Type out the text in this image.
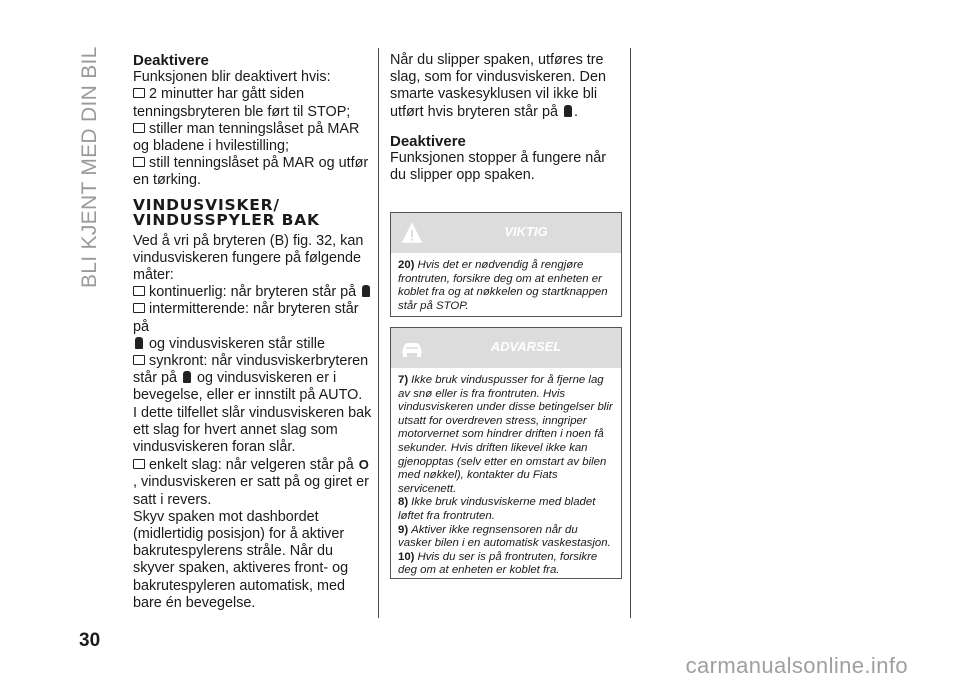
BLI KJENT MED DIN BIL Deaktivere

Funksjonen blir deaktivert hvis:

2 minutter har gått siden tenningsbryteren ble ført til STOP;

stiller man tenningslåset på MAR og bladene i hvilestilling;

still tenningslåset på MAR og utfør en tørking.

VINDUSVISKER/
VINDUSSPYLER BAK

Ved å vri på bryteren (B) fig. 32, kan vindusviskeren fungere på følgende måter:

kontinuerlig: når bryteren står på

intermitterende: når bryteren står på
og vindusviskeren står stille

synkront: når vindusviskerbryteren står på og vindusviskeren er i bevegelse, eller er innstilt på AUTO.

I dette tilfellet slår vindusviskeren bak ett slag for hvert annet slag som vindusviskeren foran slår.

enkelt slag: når velgeren står på O, vindusviskeren er satt på og giret er satt i revers.

Skyv spaken mot dashbordet (midlertidig posisjon) for å aktiver bakrutespylerens stråle. Når du skyver spaken, aktiveres front- og bakrutespyleren automatisk, med bare én bevegelse.

Når du slipper spaken, utføres tre slag, som for vindusviskeren. Den smarte vaskesyklusen vil ikke bli utført hvis bryteren står på .

Deaktivere

Funksjonen stopper å fungere når du slipper opp spaken.

VIKTIG

20) Hvis det er nødvendig å rengjøre frontruten, forsikre deg om at enheten er koblet fra og at nøkkelen og startknappen står på STOP.

ADVARSEL

7) Ikke bruk vinduspusser for å fjerne lag av snø eller is fra frontruten. Hvis vindusviskeren under disse betingelser blir utsatt for overdreven stress, inngriper motorvernet som hindrer driften i noen få sekunder. Hvis driften likevel ikke kan gjenopptas (selv etter en omstart av bilen med nøkkel), kontakter du Fiats servicenett.

8) Ikke bruk vindusviskerne med bladet løftet fra frontruten.

9) Aktiver ikke regnsensoren når du vasker bilen i en automatisk vaskestasjon.

10) Hvis du ser is på frontruten, forsikre deg om at enheten er koblet fra.

30
carmanualsonline.info
